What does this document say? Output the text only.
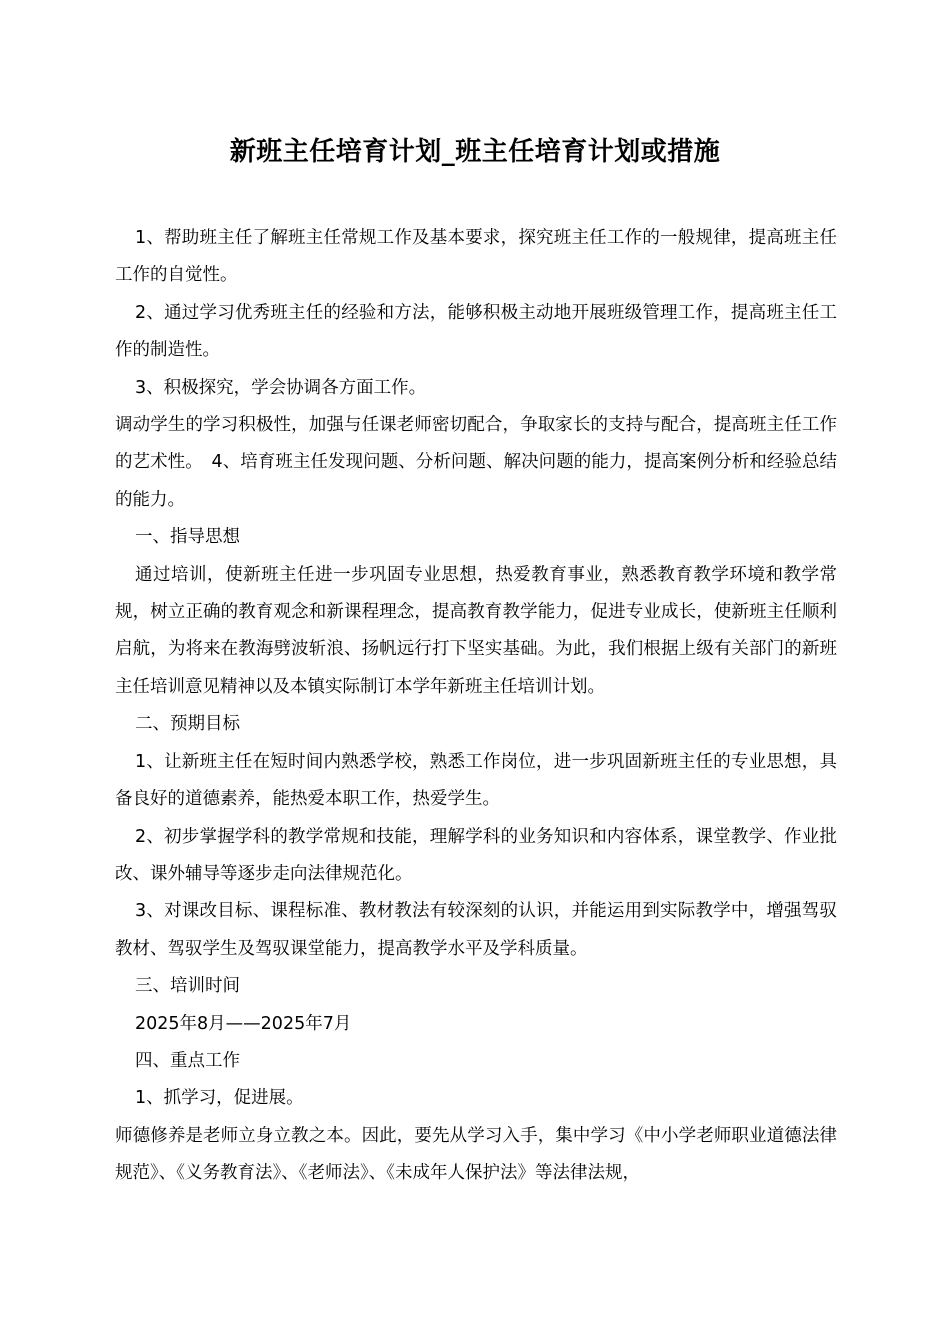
新班主任培育计划_班主任培育计划或措施

1、帮助班主任了解班主任常规工作及基本要求，探究班主任工作的一般规律，提高班主任工作的自觉性。

2、通过学习优秀班主任的经验和方法，能够积极主动地开展班级管理工作，提高班主任工作的制造性。

3、积极探究，学会协调各方面工作。

调动学生的学习积极性，加强与任课老师密切配合，争取家长的支持与配合，提高班主任工作的艺术性。　4、培育班主任发现问题、分析问题、解决问题的能力，提高案例分析和经验总结的能力。

一、指导思想

通过培训，使新班主任进一步巩固专业思想，热爱教育事业，熟悉教育教学环境和教学常规，树立正确的教育观念和新课程理念，提高教育教学能力，促进专业成长，使新班主任顺利启航，为将来在教海劈波斩浪、扬帆远行打下坚实基础。为此，我们根据上级有关部门的新班主任培训意见精神以及本镇实际制订本学年新班主任培训计划。

二、预期目标

1、让新班主任在短时间内熟悉学校，熟悉工作岗位，进一步巩固新班主任的专业思想，具备良好的道德素养，能热爱本职工作，热爱学生。

2、初步掌握学科的教学常规和技能，理解学科的业务知识和内容体系，课堂教学、作业批改、课外辅导等逐步走向法律规范化。

3、对课改目标、课程标准、教材教法有较深刻的认识，并能运用到实际教学中，增强驾驭教材、驾驭学生及驾驭课堂能力，提高教学水平及学科质量。

三、培训时间

2025年8月——2025年7月

四、重点工作

1、抓学习，促进展。

师德修养是老师立身立教之本。因此，要先从学习入手，集中学习《中小学老师职业道德法律规范》、《义务教育法》、《老师法》、《未成年人保护法》等法律法规，
